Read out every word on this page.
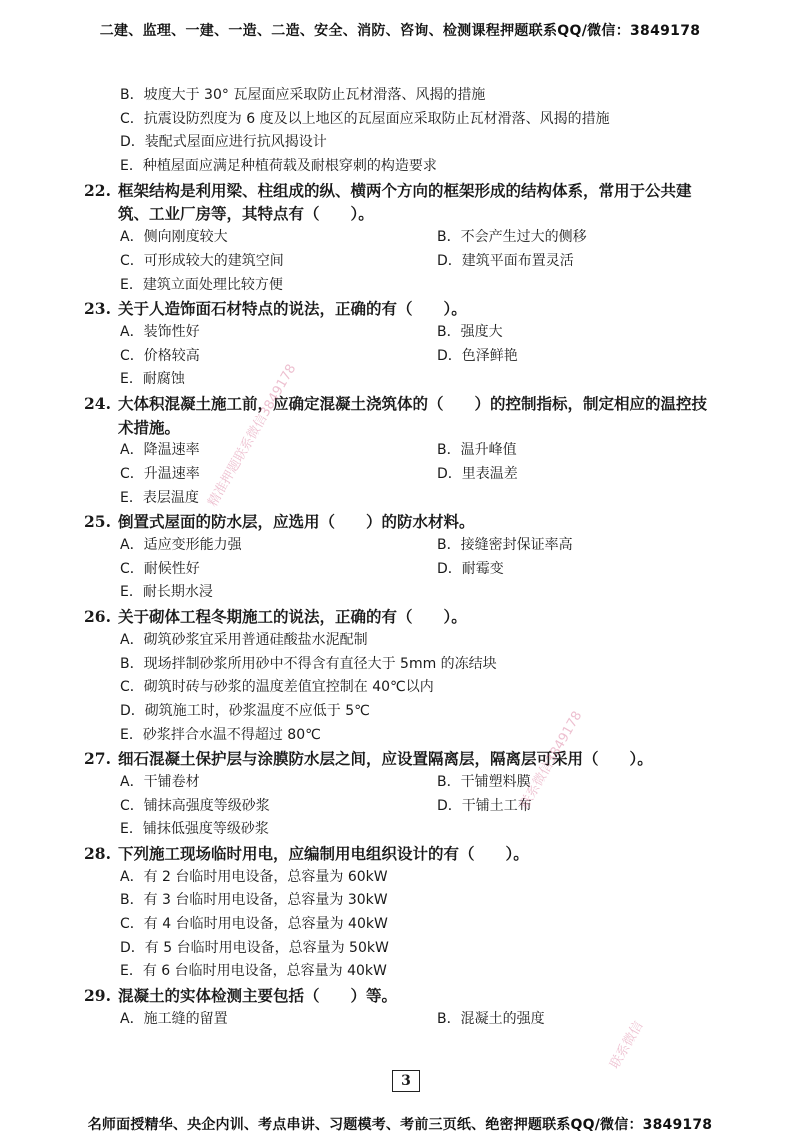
二建、监理、一建、一造、二造、安全、消防、咨询、检测课程押题联系QQ/微信：3849178
B．坡度大于 30° 瓦屋面应采取防止瓦材滑落、风揭的措施
C．抗震设防烈度为 6 度及以上地区的瓦屋面应采取防止瓦材滑落、风揭的措施
D．装配式屋面应进行抗风揭设计
E．种植屋面应满足种植荷载及耐根穿刺的构造要求
22. 框架结构是利用梁、柱组成的纵、横两个方向的框架形成的结构体系，常用于公共建
筑、工业厂房等，其特点有（　　）。
A．侧向刚度较大	B．不会产生过大的侧移
C．可形成较大的建筑空间	D．建筑平面布置灵活
E．建筑立面处理比较方便
23. 关于人造饰面石材特点的说法，正确的有（　　）。
A．装饰性好	B．强度大
C．价格较高	D．色泽鲜艳
E．耐腐蚀
24. 大体积混凝土施工前，应确定混凝土浇筑体的（　　）的控制指标，制定相应的温控技
术措施。
A．降温速率	B．温升峰值
C．升温速率	D．里表温差
E．表层温度
25. 倒置式屋面的防水层，应选用（　　）的防水材料。
A．适应变形能力强	B．接缝密封保证率高
C．耐候性好	D．耐霉变
E．耐长期水浸
26. 关于砌体工程冬期施工的说法，正确的有（　　）。
A．砌筑砂浆宜采用普通硅酸盐水泥配制
B．现场拌制砂浆所用砂中不得含有直径大于 5mm 的冻结块
C．砌筑时砖与砂浆的温度差值宜控制在 40℃以内
D．砌筑施工时，砂浆温度不应低于 5℃
E．砂浆拌合水温不得超过 80℃
27. 细石混凝土保护层与涂膜防水层之间，应设置隔离层，隔离层可采用（　　）。
A．干铺卷材	B．干铺塑料膜
C．铺抹高强度等级砂浆	D．干铺土工布
E．铺抹低强度等级砂浆
28. 下列施工现场临时用电，应编制用电组织设计的有（　　）。
A．有 2 台临时用电设备，总容量为 60kW
B．有 3 台临时用电设备，总容量为 30kW
C．有 4 台临时用电设备，总容量为 40kW
D．有 5 台临时用电设备，总容量为 50kW
E．有 6 台临时用电设备，总容量为 40kW
29. 混凝土的实体检测主要包括（　　）等。
A．施工缝的留置	B．混凝土的强度
精准押题联系微信3849178
联系微信3849178
联系微信
3
名师面授精华、央企内训、考点串讲、习题模考、考前三页纸、绝密押题联系QQ/微信：3849178
